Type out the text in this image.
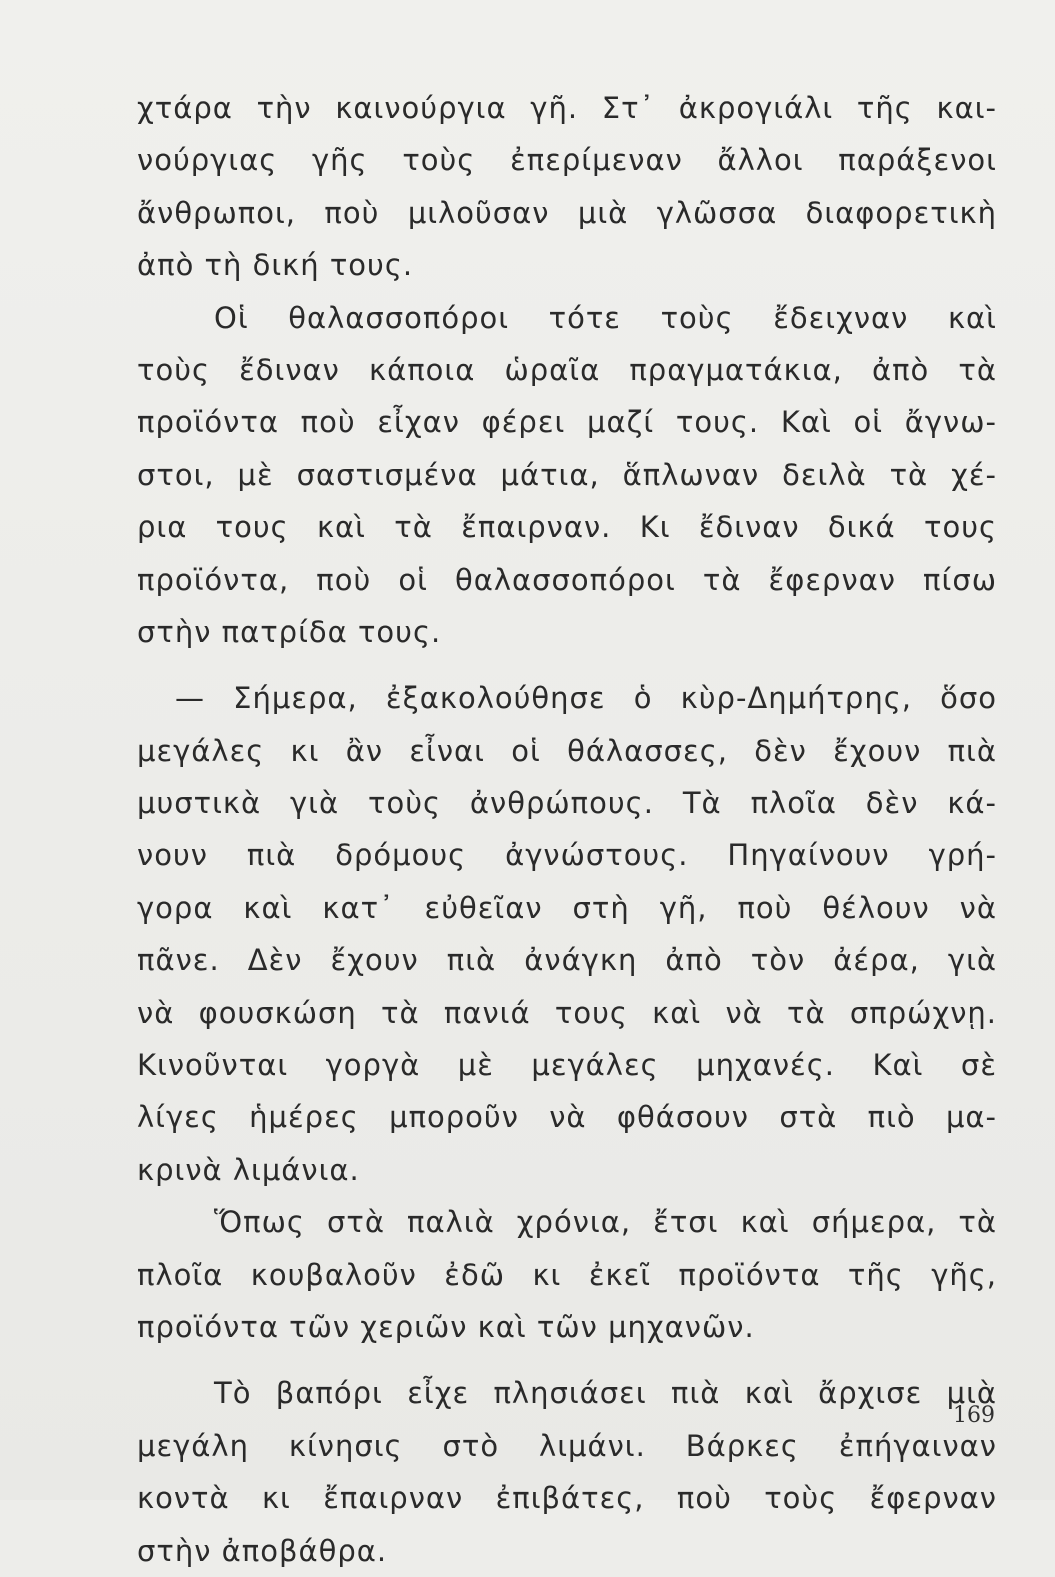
χτάρα τὴν καινούργια γῆ. Στ᾽ ἀκρογιάλι τῆς και-
νούργιας γῆς τοὺς ἐπερίμεναν ἄλλοι παράξενοι
ἄνθρωποι, ποὺ μιλοῦσαν μιὰ γλῶσσα διαφορετικὴ
ἀπὸ τὴ δική τους.
Οἱ θαλασσοπόροι τότε τοὺς ἔδειχναν καὶ
τοὺς ἔδιναν κάποια ὡραῖα πραγματάκια, ἀπὸ τὰ
προϊόντα ποὺ εἶχαν φέρει μαζί τους. Καὶ οἱ ἄγνω-
στοι, μὲ σαστισμένα μάτια, ἅπλωναν δειλὰ τὰ χέ-
ρια τους καὶ τὰ ἔπαιρναν. Κι ἔδιναν δικά τους
προϊόντα, ποὺ οἱ θαλασσοπόροι τὰ ἔφερναν πίσω
στὴν πατρίδα τους.
— Σήμερα, ἐξακολούθησε ὁ κὺρ-Δημήτρης, ὅσο
μεγάλες κι ἂν εἶναι οἱ θάλασσες, δὲν ἔχουν πιὰ
μυστικὰ γιὰ τοὺς ἀνθρώπους. Τὰ πλοῖα δὲν κά-
νουν πιὰ δρόμους ἀγνώστους. Πηγαίνουν γρή-
γορα καὶ κατ᾽ εὐθεῖαν στὴ γῆ, ποὺ θέλουν νὰ
πᾶνε. Δὲν ἔχουν πιὰ ἀνάγκη ἀπὸ τὸν ἀέρα, γιὰ
νὰ φουσκώση τὰ πανιά τους καὶ νὰ τὰ σπρώχνῃ.
Κινοῦνται γοργὰ μὲ μεγάλες μηχανές. Καὶ σὲ
λίγες ἡμέρες μποροῦν νὰ φθάσουν στὰ πιὸ μα-
κρινὰ λιμάνια.
Ὅπως στὰ παλιὰ χρόνια, ἔτσι καὶ σήμερα, τὰ
πλοῖα κουβαλοῦν ἐδῶ κι ἐκεῖ προϊόντα τῆς γῆς,
προϊόντα τῶν χεριῶν καὶ τῶν μηχανῶν.
Τὸ βαπόρι εἶχε πλησιάσει πιὰ καὶ ἄρχισε μιὰ
μεγάλη κίνησις στὸ λιμάνι. Βάρκες ἐπήγαιναν
κοντὰ κι ἔπαιρναν ἐπιβάτες, ποὺ τοὺς ἔφερναν
στὴν ἀποβάθρα.
169
